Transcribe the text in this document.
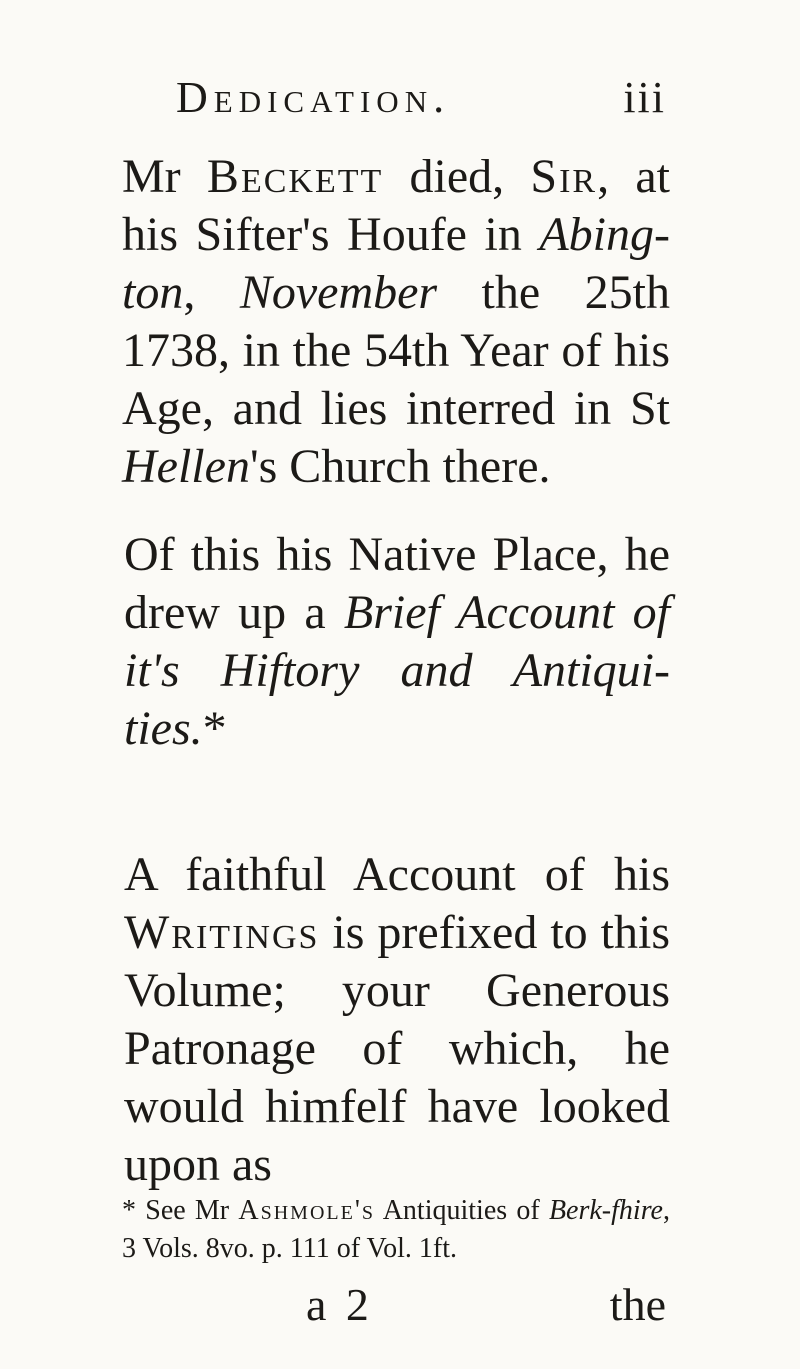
Dedication.	iii

Mr Beckett died, Sir, at his Sifter's Houfe in Abing-ton, November the 25th 1738, in the 54th Year of his Age, and lies interred in St Hellen's Church there.

Of this his Native Place, he drew up a Brief Account of it's Hiftory and Antiqui-ties.*

A faithful Account of his Writings is prefixed to this Volume; your Generous Patronage of which, he would himfelf have looked upon as

* See Mr Ashmole's Antiquities of Berk-fhire, 3 Vols. 8vo. p. 111 of Vol. 1ft.
a 2	the
